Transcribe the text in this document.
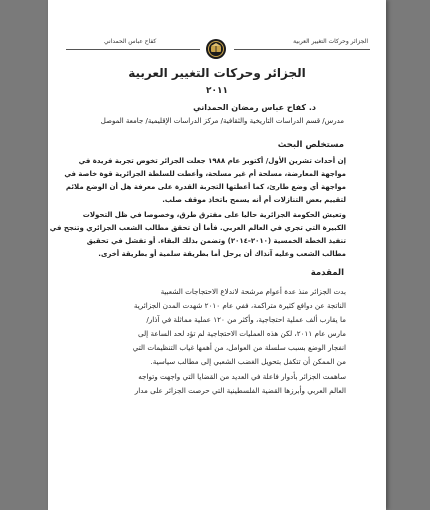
الجزائر وحركات التغيير العربية
كفاح عباس الحمداني
الجزائر وحركات التغيير العربية
٢٠١١
د. كفاح عباس رمضان الحمداني
مدرس/ قسم الدراسات التاريخية والثقافية/ مركز الدراسات الإقليمية/ جامعة الموصل
مستخلص البحث
إن أحداث تشرين الأول/ أكتوبر عام ١٩٨٨ جعلت الجزائر تخوض تجربة فريدة في
مواجهة المعارضة، مسلحة أم غير مسلحة، وأعطت للسلطة الجزائرية قوة خاصة في
مواجهة أي وضع طارئ، كما أعطتها التجربة القدرة على معرفة هل أن الوضع ملائم
لتقييم بعض التنازلات أم أنه يسمح باتخاذ موقف صلب.
وتعيش الحكومة الجزائرية حاليا على مفترق طرق، وخصوصا في ظل التحولات
الكبيرة التي تجري في العالم العربي. فأما أن تحقق مطالب الشعب الجزائري وتنجح في
تنفيذ الخطة الخمسية (٢٠١٠-٢٠١٤) وتضمن بذلك البقاء. أو تفشل في تحقيق
مطالب الشعب وعليه آنذاك أن يرحل أما بطريقة سلمية أو بطريقة أخرى.
المقدمة
بدت الجزائر منذ عدة أعوام مرشحة لاندلاع الاحتجاجات الشعبية
الناتجة عن دوافع كثيرة متراكمة، ففي عام ٢٠١٠ شهدت المدن الجزائرية
ما يقارب ألف عملية احتجاجية، وأكثر من ١٢٠ عملية مماثلة في آذار/
مارس عام ٢٠١١، لكن هذه العمليات الاحتجاجية لم تؤد لحد الساعة إلى
انفجار الوضع بسبب سلسلة من العوامل، من أهمها غياب التنظيمات التي
من الممكن أن تتكفل بتحويل الغضب الشعبي إلى مطالب سياسية.
ساهمت الجزائر بأدوار فاعلة في العديد من القضايا التي واجهت وتواجه
العالم العربي وأبرزها القضية الفلسطينية التي حرصت الجزائر على مدار
